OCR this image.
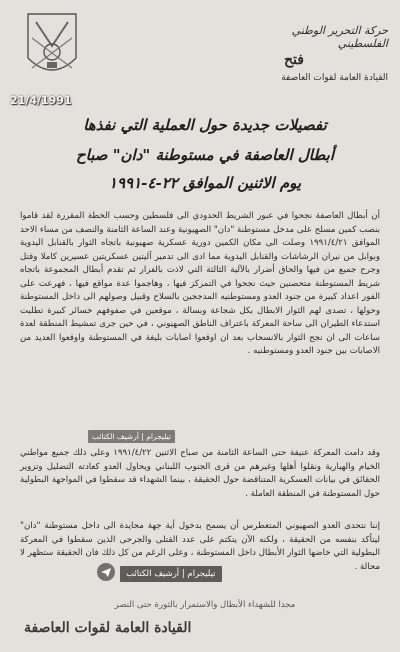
حركة التحرير الوطني الفلسطيني
فتح
القيادة العامة لقوات العاصفة
21/4/1991
تفصيلات جديدة حول العملية التي نفذها
أبطال العاصفة في مستوطنة "دان" صباح
يوم الاثنين الموافق ٢٢-٤-١٩٩١
أن أبطال العاصفة نجحوا في عبور الشريط الحدودي الى فلسطين وحسب الخطة المقررة لقد قاموا بنصب كمين مسلح على مدخل مستوطنة "دان" الصهيونية وعند الساعة الثامنة والنصف من مساء الاحد الموافق ١٩٩١/٤/٢١ وصلت الى مكان الكمين دورية عسكرية صهيونية باتجاه الثوار بالقنابل اليدوية وبوابل من نيران الرشاشات والقنابل اليدوية مما ادى الى تدمير آليتين عسكريتين عسيرين كاملا وقتل وجرح جميع من فيها والحاق أضرار بالآلية الثالثة التي لاذت بالفرار ثم تقدم أبطال المجموعة باتجاه شريط المستوطنة متحصنين حيث نجحوا في التمركز فيها ، وهاجموا عدة مواقع فيها ، فهرعت على الفور اعداد كبيرة من جنود العدو ومستوطنيه المدججين بالسلاح وقبيل وصولهم الى داخل المستوطنة وحولها ، تصدى لهم الثوار الابطال بكل شجاعة وبسالة ، موقعين في صفوفهم خسائر كبيرة تطلبت استدعاء الطيران الى ساحة المعركة باعتراف الناطق الصهيوني ، في حين جرى تمشيط المنطقة لعدة ساعات الى ان نجح الثوار بالانسحاب بعد ان اوقعوا اصابات بليغة في المستوطنة واوقعوا العديد من الاصابات بين جنود العدو ومستوطنيه .
تيليجرام | أرشيف الكتائب
وقد دامت المعركة عنيفة حتى الساعة الثامنة من صباح الاثنين ١٩٩١/٤/٢٢ وعلى ذلك جميع مواطني الخيام والهبارية ونقلوا أهلها وغيرهم من قرى الجنوب اللبناني ويحاول العدو كعادته التضليل وتزوير الحقائق في بيانات العسكرية المتناقضة حول الحقيقة ، بينما الشهداء قد سقطوا في المواجهة البطولية حول المستوطنة في المنطقة العاملة .
إننا نتحدى العدو الصهيوني المتغطرس أن يسمح بدخول أية جهة محايدة الى داخل مستوطنة "دان" ليتأكد بنفسه من الحقيقة ، ولكنه الآن يتكتم على عدد القتلى والجرحى الذين سقطوا في المعركة البطولية التي خاضها الثوار الأبطال داخل المستوطنة ، وعلى الرغم من كل ذلك فان الحقيقة ستظهر لا محالة .
تيليجرام | أرشيف الكتائب
مجدا للشهداء الأبطال والاستمرار بالثورة حتى النصر
القيادة العامة لقوات العاصفة
